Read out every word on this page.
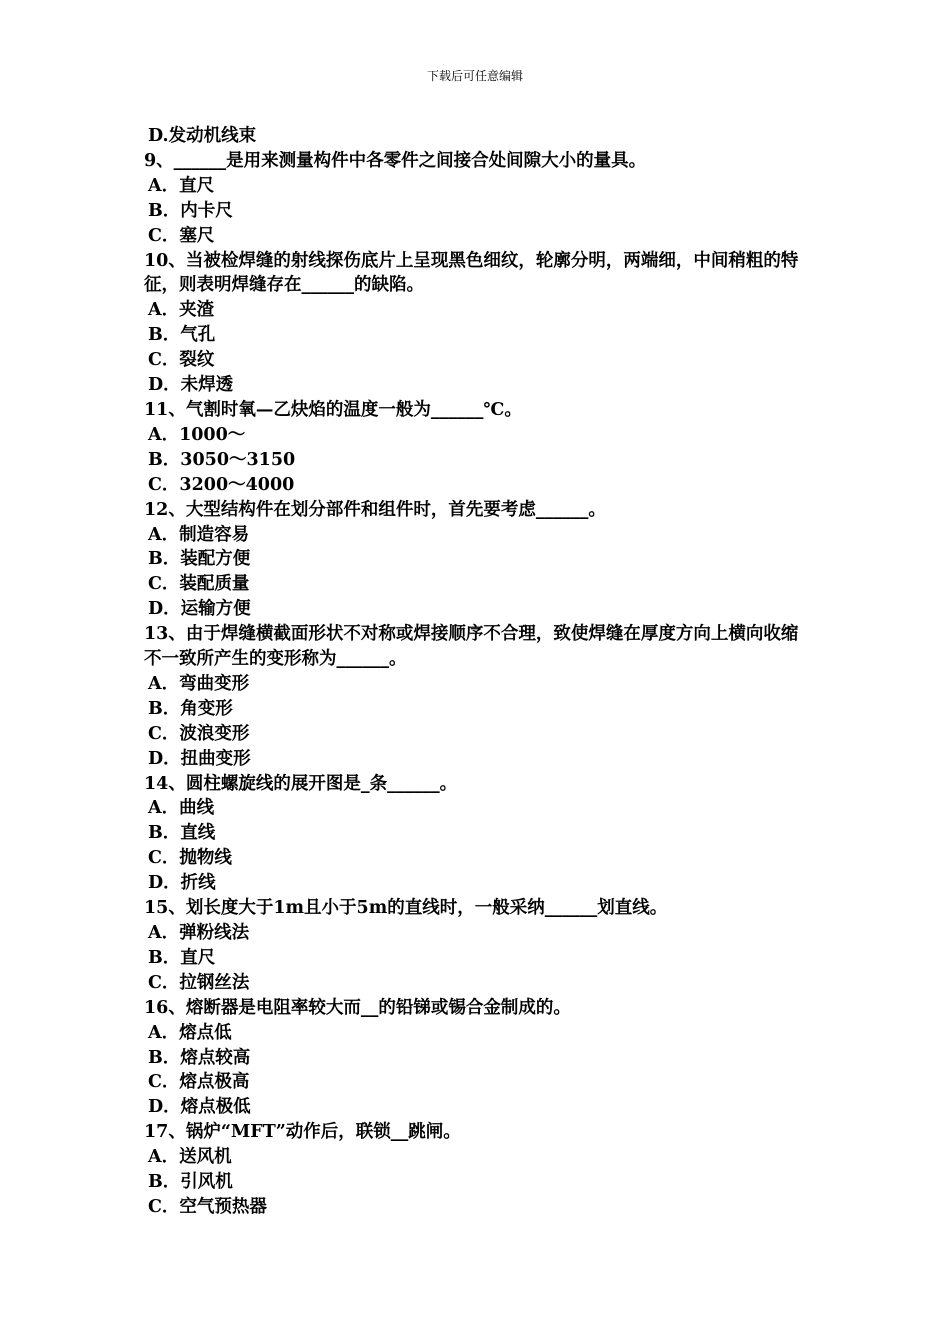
下载后可任意编辑
D.发动机线束
9、______是用来测量构件中各零件之间接合处间隙大小的量具。
A．直尺
B．内卡尺
C．塞尺
10、当被检焊缝的射线探伤底片上呈现黑色细纹，轮廓分明，两端细，中间稍粗的特征，则表明焊缝存在______的缺陷。
A．夹渣
B．气孔
C．裂纹
D．未焊透
11、气割时氧—乙炔焰的温度一般为______℃。
A．1000～
B．3050～3150
C．3200～4000
12、大型结构件在划分部件和组件时，首先要考虑______。
A．制造容易
B．装配方便
C．装配质量
D．运输方便
13、由于焊缝横截面形状不对称或焊接顺序不合理，致使焊缝在厚度方向上横向收缩不一致所产生的变形称为______。
A．弯曲变形
B．角变形
C．波浪变形
D．扭曲变形
14、圆柱螺旋线的展开图是_条______。
A．曲线
B．直线
C．抛物线
D．折线
15、划长度大于1m且小于5m的直线时，一般采纳______划直线。
A．弹粉线法
B．直尺
C．拉钢丝法
16、熔断器是电阻率较大而__的铅锑或锡合金制成的。
A．熔点低
B．熔点较高
C．熔点极高
D．熔点极低
17、锅炉“MFT”动作后，联锁__跳闸。
A．送风机
B．引风机
C．空气预热器
